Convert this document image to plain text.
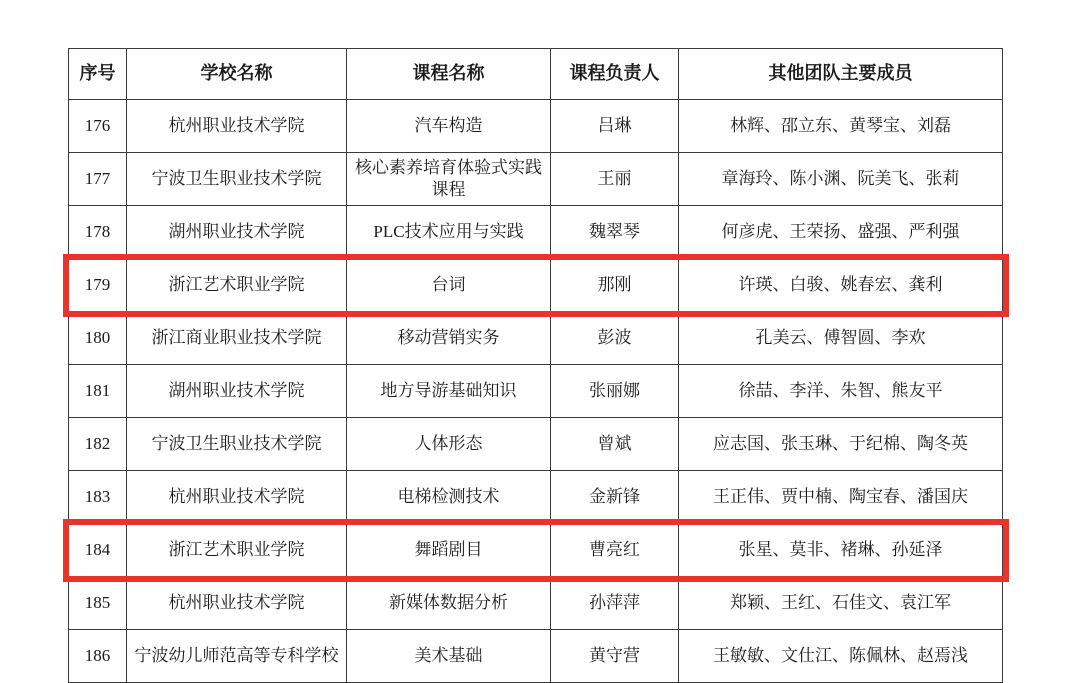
序号	学校名称	课程名称	课程负责人	其他团队主要成员
176	杭州职业技术学院	汽车构造	吕琳	林辉、邵立东、黄琴宝、刘磊
177	宁波卫生职业技术学院	核心素养培育体验式实践课程	王丽	章海玲、陈小渊、阮美飞、张莉
178	湖州职业技术学院	PLC技术应用与实践	魏翠琴	何彦虎、王荣扬、盛强、严利强
179	浙江艺术职业学院	台词	那刚	许瑛、白骏、姚春宏、龚利
180	浙江商业职业技术学院	移动营销实务	彭波	孔美云、傅智圆、李欢
181	湖州职业技术学院	地方导游基础知识	张丽娜	徐喆、李洋、朱智、熊友平
182	宁波卫生职业技术学院	人体形态	曾斌	应志国、张玉琳、于纪棉、陶冬英
183	杭州职业技术学院	电梯检测技术	金新锋	王正伟、贾中楠、陶宝春、潘国庆
184	浙江艺术职业学院	舞蹈剧目	曹亮红	张星、莫非、褚琳、孙延泽
185	杭州职业技术学院	新媒体数据分析	孙萍萍	郑颖、王红、石佳文、袁江军
186	宁波幼儿师范高等专科学校	美术基础	黄守营	王敏敏、文仕江、陈佩林、赵焉浅
